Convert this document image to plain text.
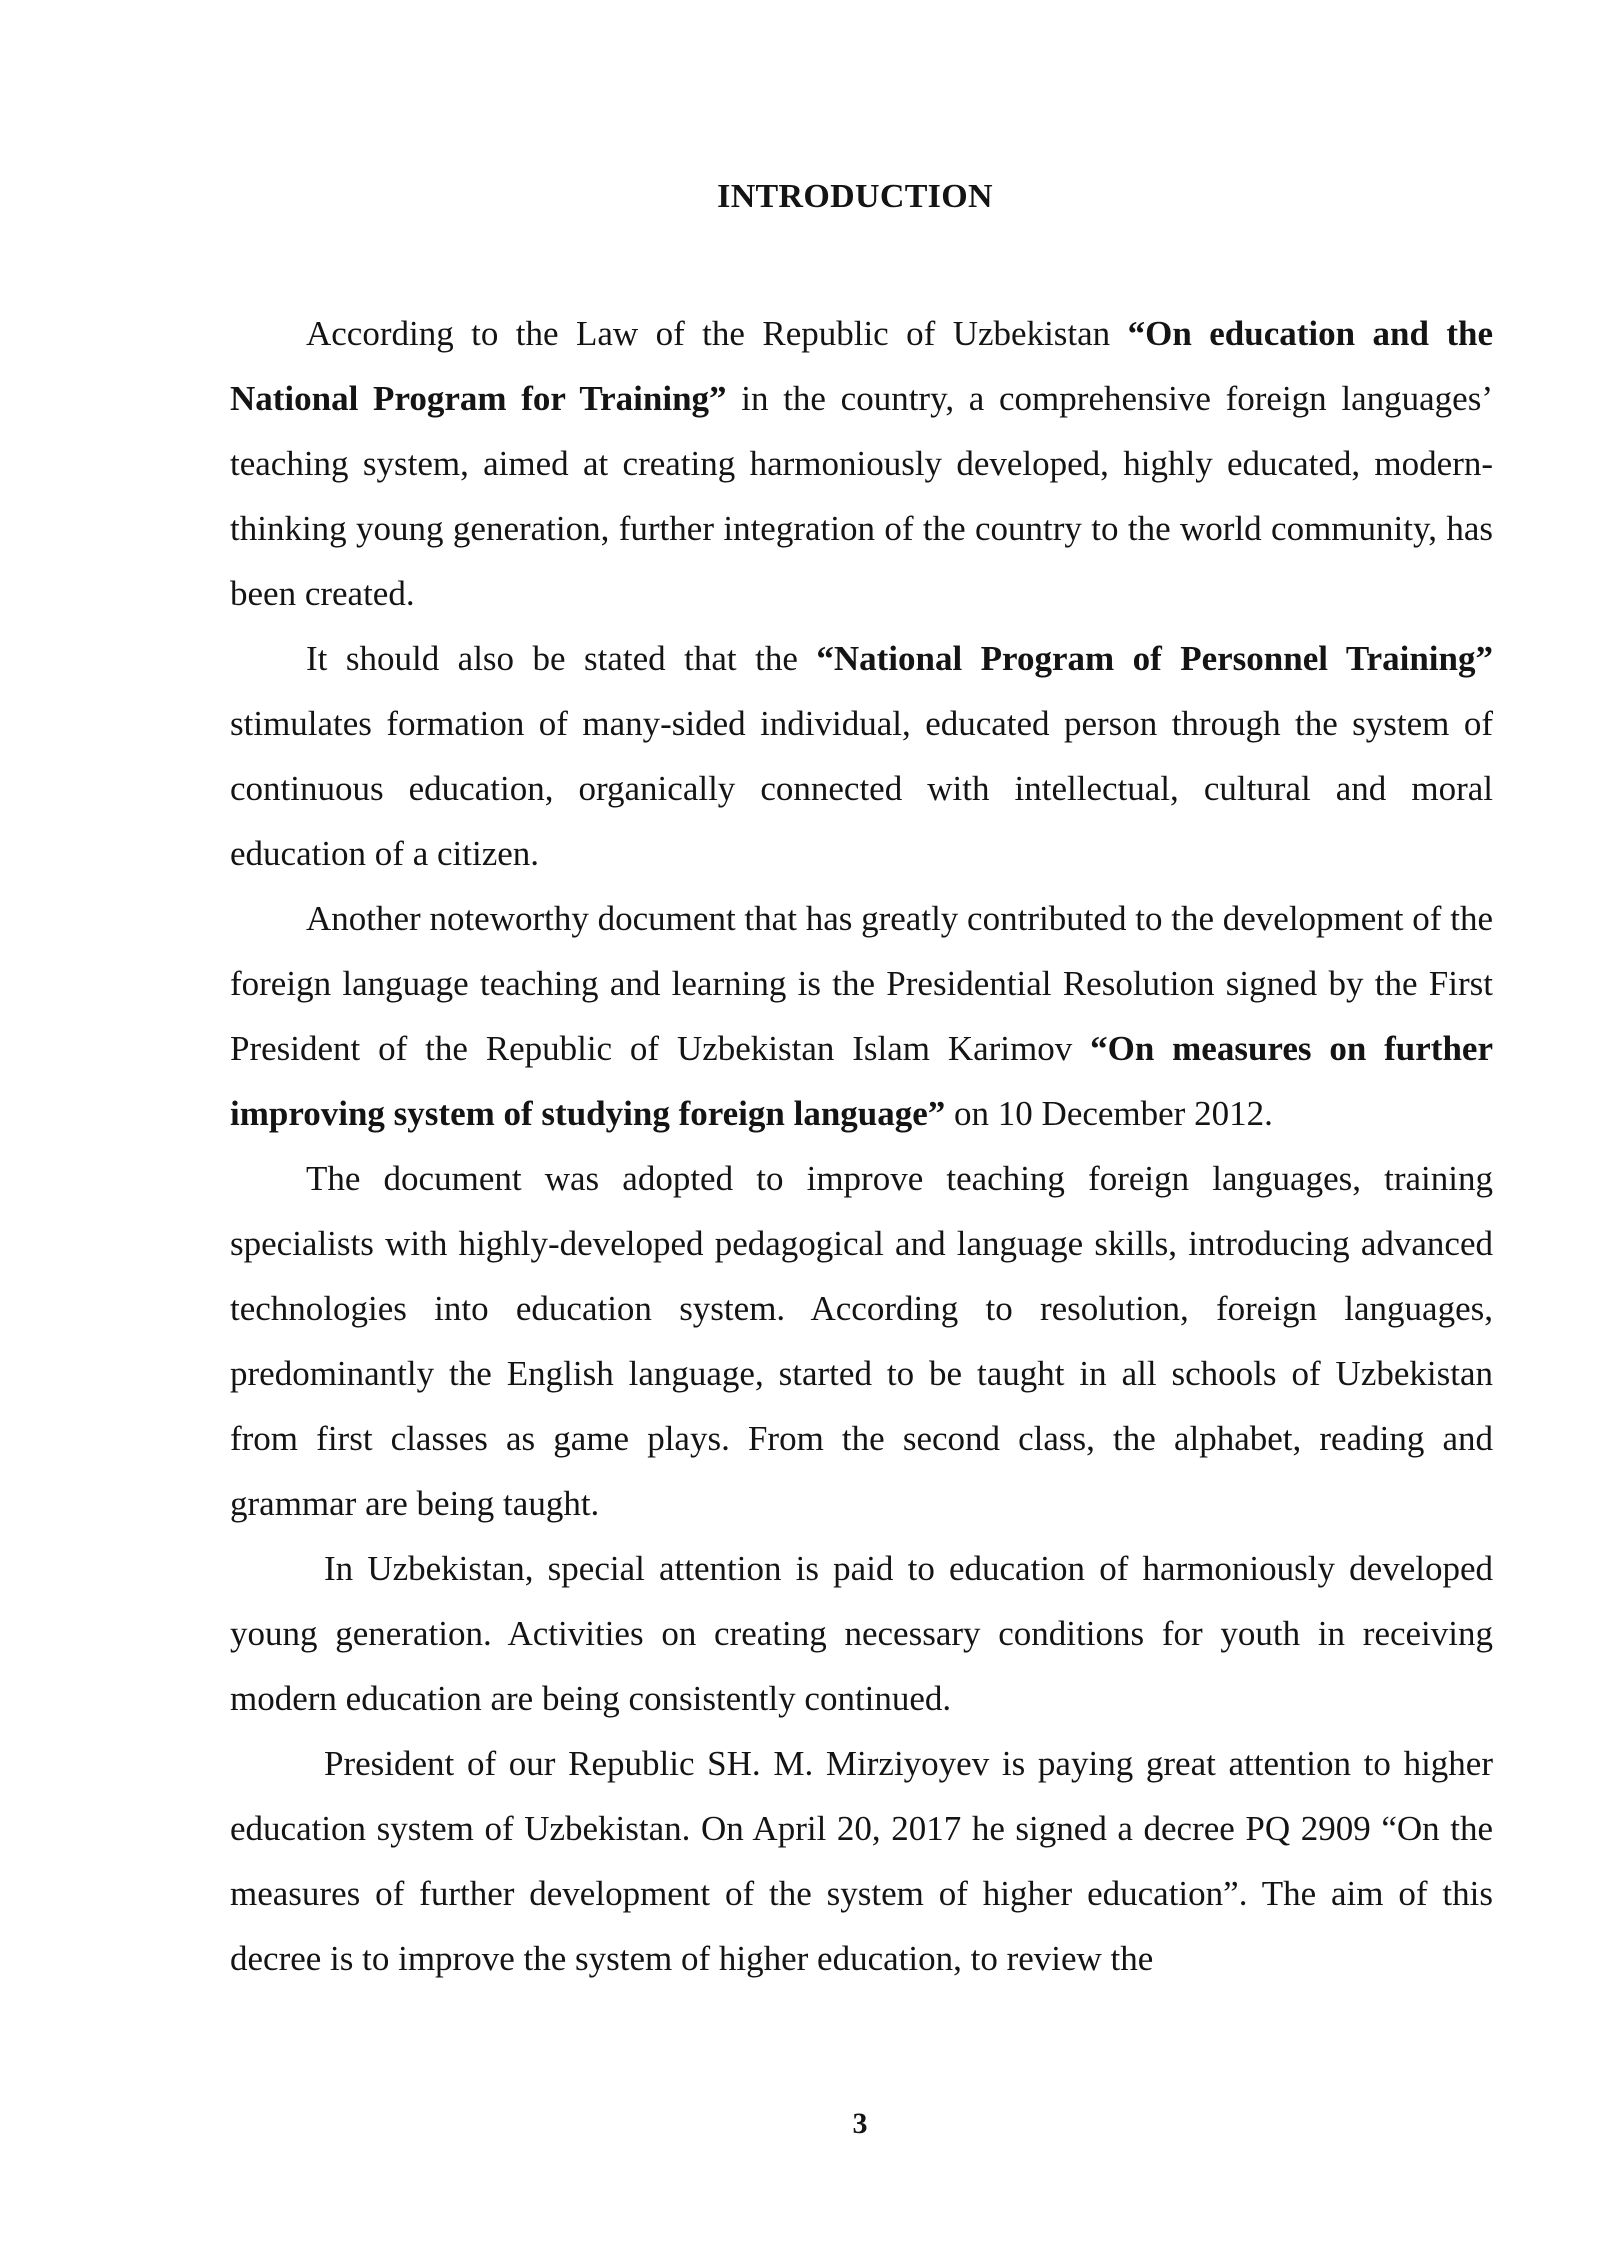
INTRODUCTION

According to the Law of the Republic of Uzbekistan “On education and the National Program for Training” in the country, a comprehensive foreign languages’ teaching system, aimed at creating harmoniously developed, highly educated, modern-thinking young generation, further integration of the country to the world community, has been created.

It should also be stated that the “National Program of Personnel Training” stimulates formation of many-sided individual, educated person through the system of continuous education, organically connected with intellectual, cultural and moral education of a citizen.

Another noteworthy document that has greatly contributed to the development of the foreign language teaching and learning is the Presidential Resolution signed by the First President of the Republic of Uzbekistan Islam Karimov “On measures on further improving system of studying foreign language” on 10 December 2012.

The document was adopted to improve teaching foreign languages, training specialists with highly-developed pedagogical and language skills, introducing advanced technologies into education system. According to resolution, foreign languages, predominantly the English language, started to be taught in all schools of Uzbekistan from first classes as game plays. From the second class, the alphabet, reading and grammar are being taught.

In Uzbekistan, special attention is paid to education of harmoniously developed young generation. Activities on creating necessary conditions for youth in receiving modern education are being consistently continued.

President of our Republic SH. M. Mirziyoyev is paying great attention to higher education system of Uzbekistan. On April 20, 2017 he signed a decree PQ 2909 “On the measures of further development of the system of higher education”. The aim of this decree is to improve the system of higher education, to review the

3
